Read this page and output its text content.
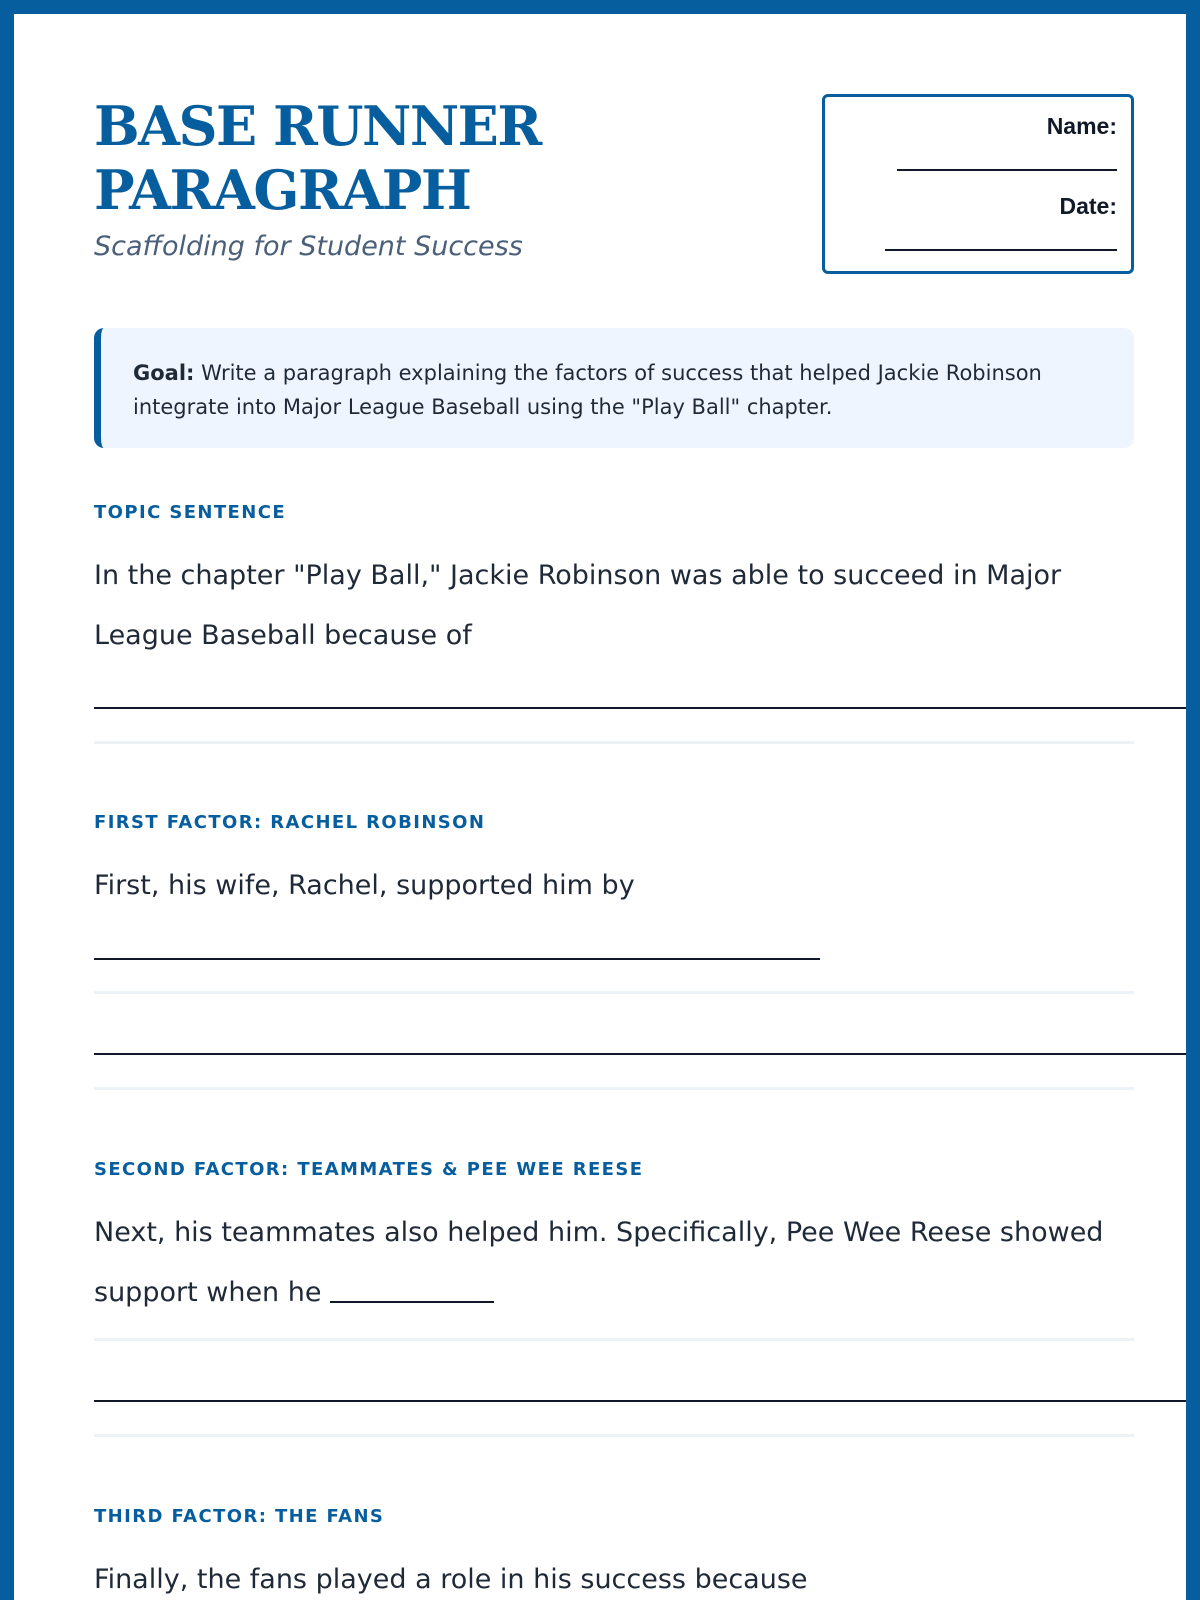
BASE RUNNER PARAGRAPH
Scaffolding for Student Success
Name:
Date:
Goal: Write a paragraph explaining the factors of success that helped Jackie Robinson integrate into Major League Baseball using the "Play Ball" chapter.
TOPIC SENTENCE
In the chapter "Play Ball," Jackie Robinson was able to succeed in Major League Baseball because of
FIRST FACTOR: RACHEL ROBINSON
First, his wife, Rachel, supported him by
SECOND FACTOR: TEAMMATES & PEE WEE REESE
Next, his teammates also helped him. Specifically, Pee Wee Reese showed support when he
THIRD FACTOR: THE FANS
Finally, the fans played a role in his success because
